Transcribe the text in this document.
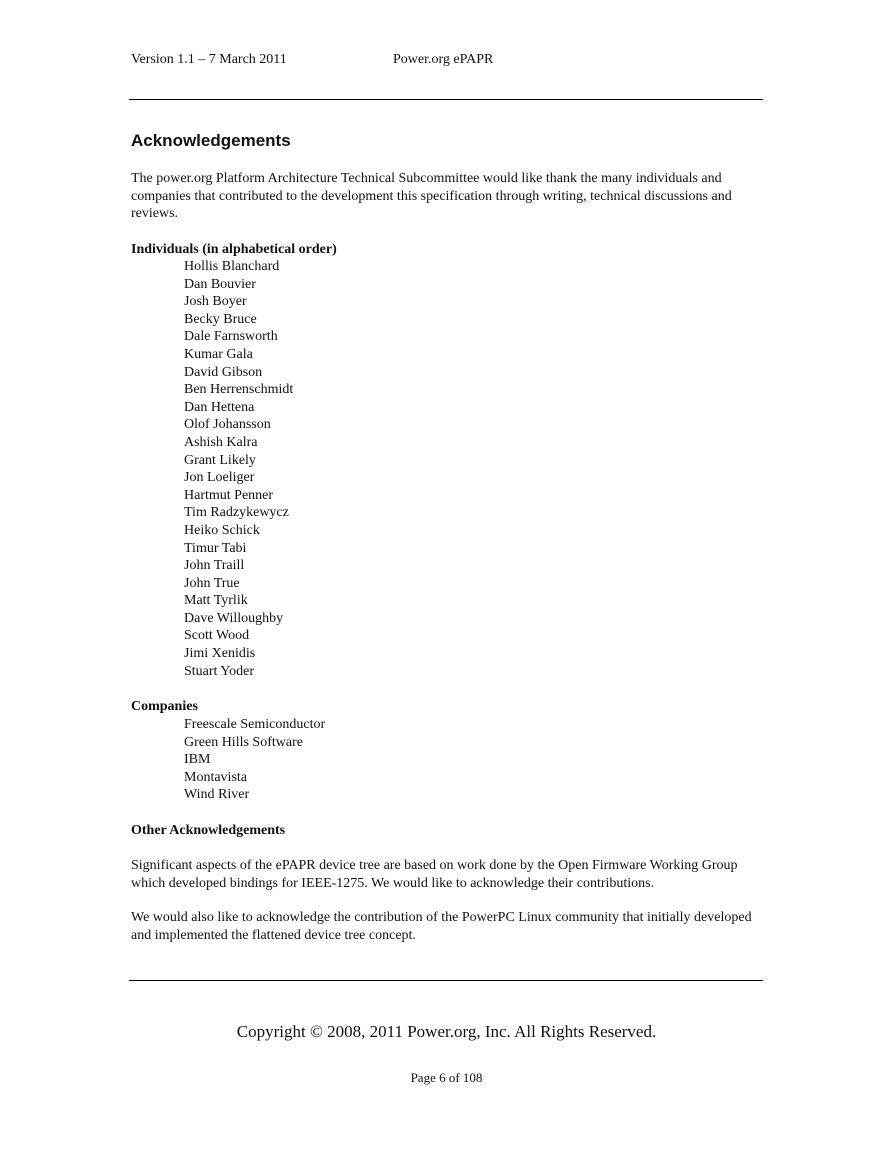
Version 1.1 – 7 March 2011	Power.org ePAPR
Acknowledgements

The power.org Platform Architecture Technical Subcommittee would like thank the many individuals and companies that contributed to the development this specification through writing, technical discussions and reviews.

Individuals (in alphabetical order)
Hollis Blanchard
Dan Bouvier
Josh Boyer
Becky Bruce
Dale Farnsworth
Kumar Gala
David Gibson
Ben Herrenschmidt
Dan Hettena
Olof Johansson
Ashish Kalra
Grant Likely
Jon Loeliger
Hartmut Penner
Tim Radzykewycz
Heiko Schick
Timur Tabi
John Traill
John True
Matt Tyrlik
Dave Willoughby
Scott Wood
Jimi Xenidis
Stuart Yoder
Companies
Freescale Semiconductor
Green Hills Software
IBM
Montavista
Wind River
Other Acknowledgements

Significant aspects of the ePAPR device tree are based on work done by the Open Firmware Working Group which developed bindings for IEEE-1275. We would like to acknowledge their contributions.

We would also like to acknowledge the contribution of the PowerPC Linux community that initially developed and implemented the flattened device tree concept.

Copyright © 2008, 2011 Power.org, Inc. All Rights Reserved.
Page 6 of 108
